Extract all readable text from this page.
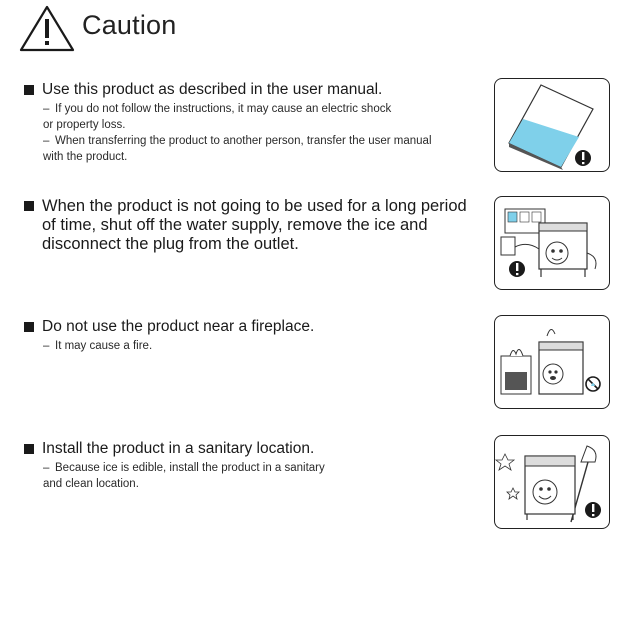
Caution
Use this product as described in the user manual.
– If you do not follow the instructions, it may cause an electric shock
or property loss.
– When transferring the product to another person, transfer the user manual
with the product.
When the product is not going to be used for a long period
of time, shut off the water supply, remove the ice and
disconnect the plug from the outlet.
Do not use the product near a fireplace.
– It may cause a fire.
Install the product in a sanitary location.
– Because ice is edible, install the product in a sanitary
and clean location.
